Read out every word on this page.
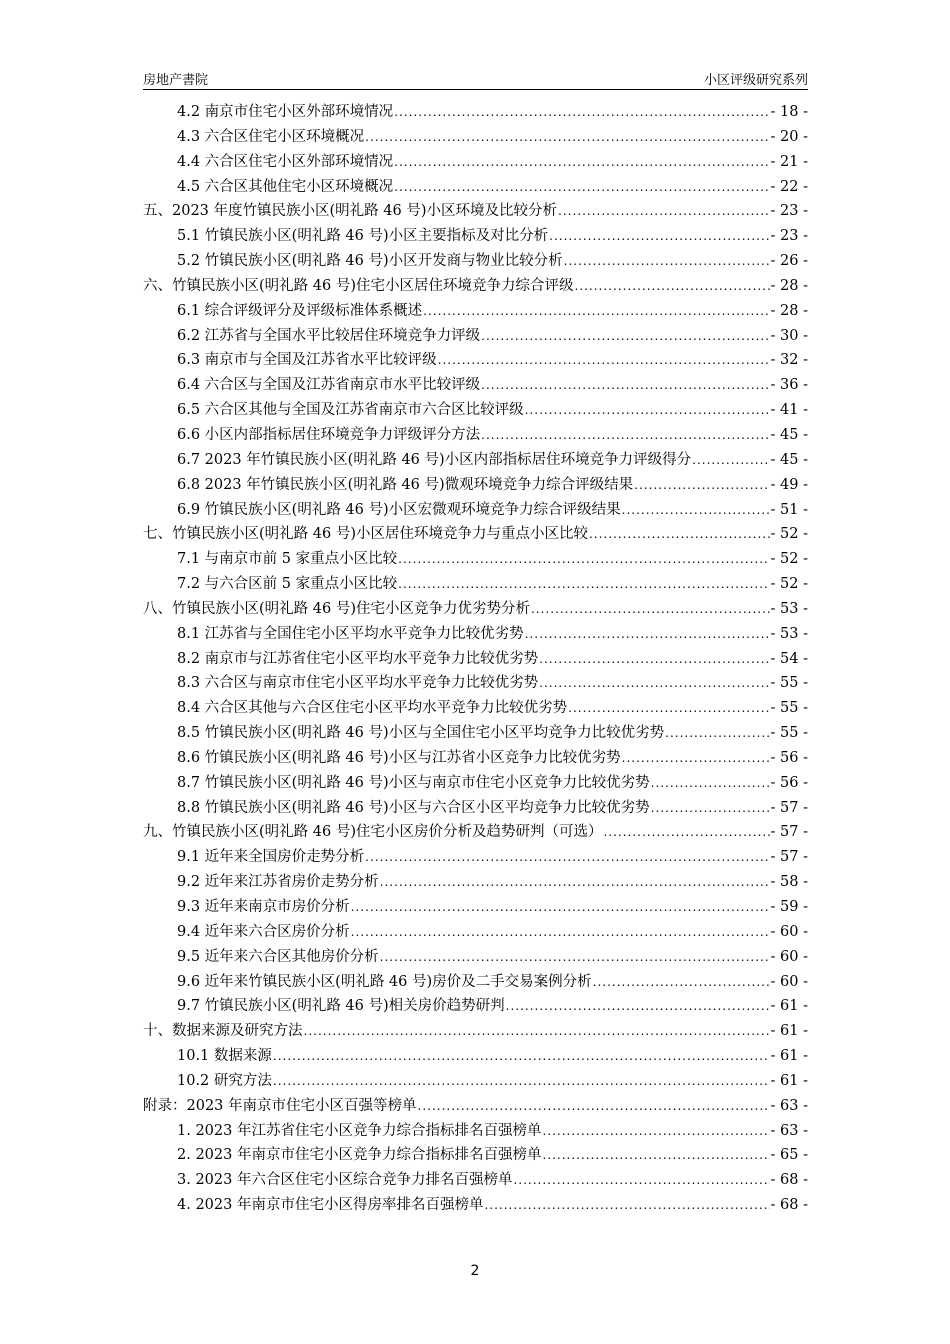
房地产書院	小区评级研究系列
4.2 南京市住宅小区外部环境情况 .....	- 18 -
4.3 六合区住宅小区环境概况 .....	- 20 -
4.4 六合区住宅小区外部环境情况 .....	- 21 -
4.5 六合区其他住宅小区环境概况 .....	- 22 -
五、2023 年度竹镇民族小区(明礼路 46 号)小区环境及比较分析 .....	- 23 -
5.1 竹镇民族小区(明礼路 46 号)小区主要指标及对比分析 .....	- 23 -
5.2 竹镇民族小区(明礼路 46 号)小区开发商与物业比较分析 .....	- 26 -
六、竹镇民族小区(明礼路 46 号)住宅小区居住环境竞争力综合评级 .....	- 28 -
6.1 综合评级评分及评级标准体系概述 .....	- 28 -
6.2 江苏省与全国水平比较居住环境竞争力评级 .....	- 30 -
6.3 南京市与全国及江苏省水平比较评级 .....	- 32 -
6.4 六合区与全国及江苏省南京市水平比较评级 .....	- 36 -
6.5 六合区其他与全国及江苏省南京市六合区比较评级 .....	- 41 -
6.6 小区内部指标居住环境竞争力评级评分方法 .....	- 45 -
6.7 2023 年竹镇民族小区(明礼路 46 号)小区内部指标居住环境竞争力评级得分 .....	- 45 -
6.8 2023 年竹镇民族小区(明礼路 46 号)微观环境竞争力综合评级结果 .....	- 49 -
6.9 竹镇民族小区(明礼路 46 号)小区宏微观环境竞争力综合评级结果 .....	- 51 -
七、竹镇民族小区(明礼路 46 号)小区居住环境竞争力与重点小区比较 .....	- 52 -
7.1 与南京市前 5 家重点小区比较 .....	- 52 -
7.2 与六合区前 5 家重点小区比较 .....	- 52 -
八、竹镇民族小区(明礼路 46 号)住宅小区竞争力优劣势分析 .....	- 53 -
8.1 江苏省与全国住宅小区平均水平竞争力比较优劣势 .....	- 53 -
8.2 南京市与江苏省住宅小区平均水平竞争力比较优劣势 .....	- 54 -
8.3 六合区与南京市住宅小区平均水平竞争力比较优劣势 .....	- 55 -
8.4 六合区其他与六合区住宅小区平均水平竞争力比较优劣势 .....	- 55 -
8.5 竹镇民族小区(明礼路 46 号)小区与全国住宅小区平均竞争力比较优劣势 .....	- 55 -
8.6 竹镇民族小区(明礼路 46 号)小区与江苏省小区竞争力比较优劣势 .....	- 56 -
8.7 竹镇民族小区(明礼路 46 号)小区与南京市住宅小区竞争力比较优劣势 .....	- 56 -
8.8 竹镇民族小区(明礼路 46 号)小区与六合区小区平均竞争力比较优劣势 .....	- 57 -
九、竹镇民族小区(明礼路 46 号)住宅小区房价分析及趋势研判（可选） .....	- 57 -
9.1 近年来全国房价走势分析 .....	- 57 -
9.2 近年来江苏省房价走势分析 .....	- 58 -
9.3 近年来南京市房价分析 .....	- 59 -
9.4 近年来六合区房价分析 .....	- 60 -
9.5 近年来六合区其他房价分析 .....	- 60 -
9.6 近年来竹镇民族小区(明礼路 46 号)房价及二手交易案例分析 .....	- 60 -
9.7 竹镇民族小区(明礼路 46 号)相关房价趋势研判 .....	- 61 -
十、数据来源及研究方法 .....	- 61 -
10.1 数据来源 .....	- 61 -
10.2 研究方法 .....	- 61 -
附录：2023 年南京市住宅小区百强等榜单 .....	- 63 -
1. 2023 年江苏省住宅小区竞争力综合指标排名百强榜单 .....	- 63 -
2. 2023 年南京市住宅小区竞争力综合指标排名百强榜单 .....	- 65 -
3. 2023 年六合区住宅小区综合竞争力排名百强榜单 .....	- 68 -
4. 2023 年南京市住宅小区得房率排名百强榜单 .....	- 68 -
2
